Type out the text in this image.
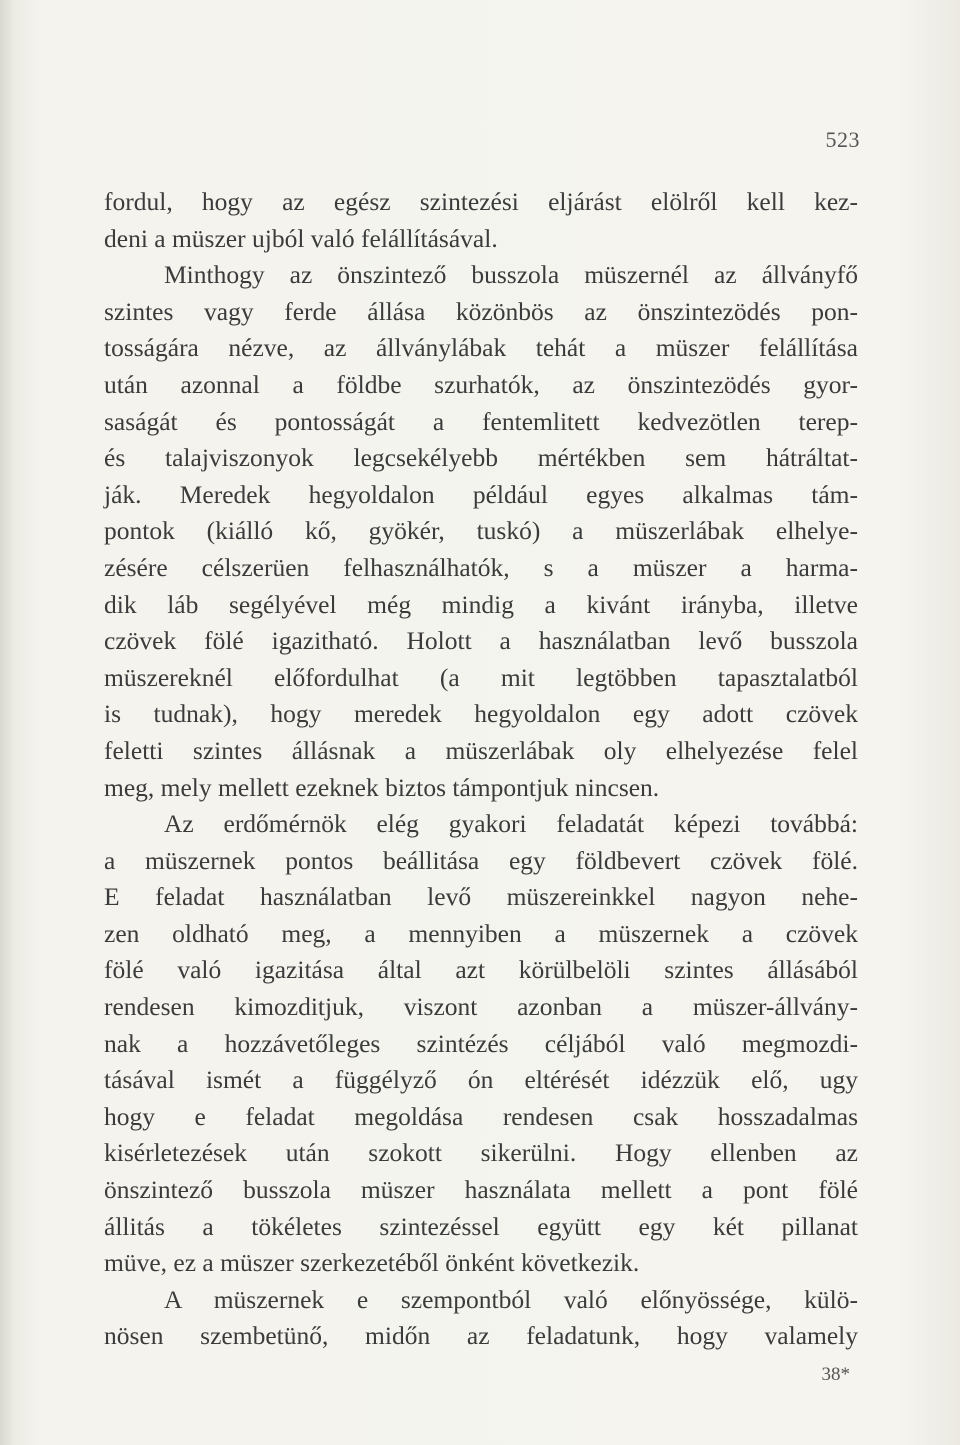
523
fordul, hogy az egész szintezési eljárást elölről kell kez-
deni a müszer ujból való felállításával.
Minthogy az önszintező busszola müszernél az állványfő
szintes vagy ferde állása közönbös az önszintezödés pon-
tosságára nézve, az állványlábak tehát a müszer felállítása
után azonnal a földbe szurhatók, az önszintezödés gyor-
saságát és pontosságát a fentemlitett kedvezötlen terep-
és talajviszonyok legcsekélyebb mértékben sem hátráltat-
ják. Meredek hegyoldalon például egyes alkalmas tám-
pontok (kiálló kő, gyökér, tuskó) a müszerlábak elhelye-
zésére célszerüen felhasználhatók, s a müszer a harma-
dik láb segélyével még mindig a kivánt irányba, illetve
czövek fölé igazitható. Holott a használatban levő busszola
müszereknél előfordulhat (a mit legtöbben tapasztalatból
is tudnak), hogy meredek hegyoldalon egy adott czövek
feletti szintes állásnak a müszerlábak oly elhelyezése felel
meg, mely mellett ezeknek biztos támpontjuk nincsen.
Az erdőmérnök elég gyakori feladatát képezi továbbá:
a müszernek pontos beállitása egy földbevert czövek fölé.
E feladat használatban levő müszereinkkel nagyon nehe-
zen oldható meg, a mennyiben a müszernek a czövek
fölé való igazitása által azt körülbelöli szintes állásából
rendesen kimozditjuk, viszont azonban a müszer-állvány-
nak a hozzávetőleges szintézés céljából való megmozdi-
tásával ismét a függélyző ón eltérését idézzük elő, ugy
hogy e feladat megoldása rendesen csak hosszadalmas
kisérletezések után szokott sikerülni. Hogy ellenben az
önszintező busszola müszer használata mellett a pont fölé
állitás a tökéletes szintezéssel együtt egy két pillanat
müve, ez a müszer szerkezetéből önként következik.
A müszernek e szempontból való előnyössége, külö-
nösen szembetünő, midőn az feladatunk, hogy valamely
38*
